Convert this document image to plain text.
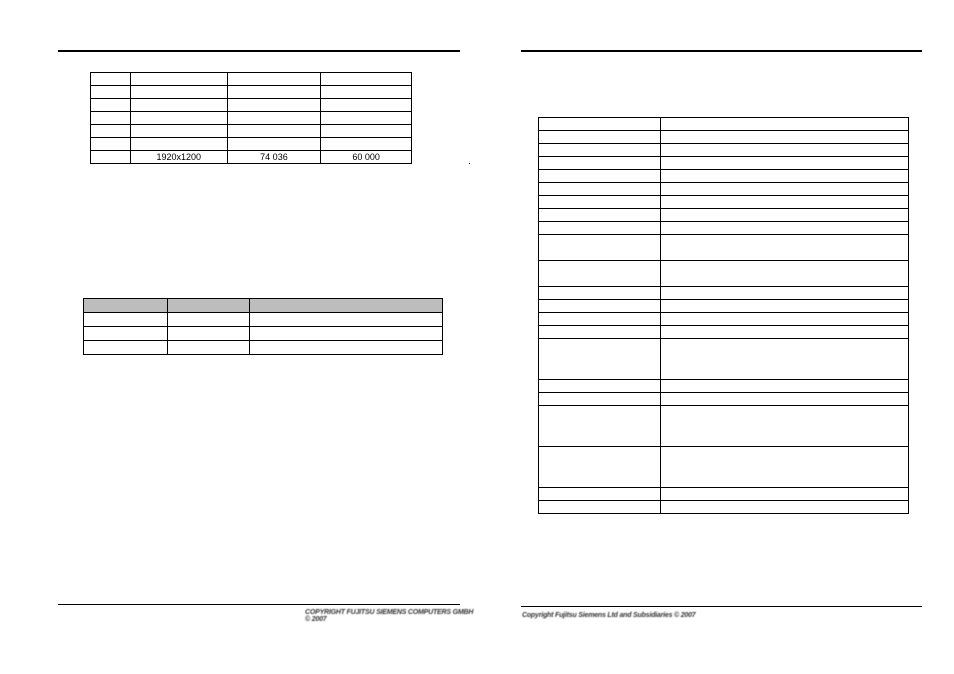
	1920x1200	74 036	60 000

COPYRIGHT FUJITSU SIEMENS COMPUTERS GMBH © 2007

Copyright Fujitsu Siemens Ltd and Subsidiaries © 2007
